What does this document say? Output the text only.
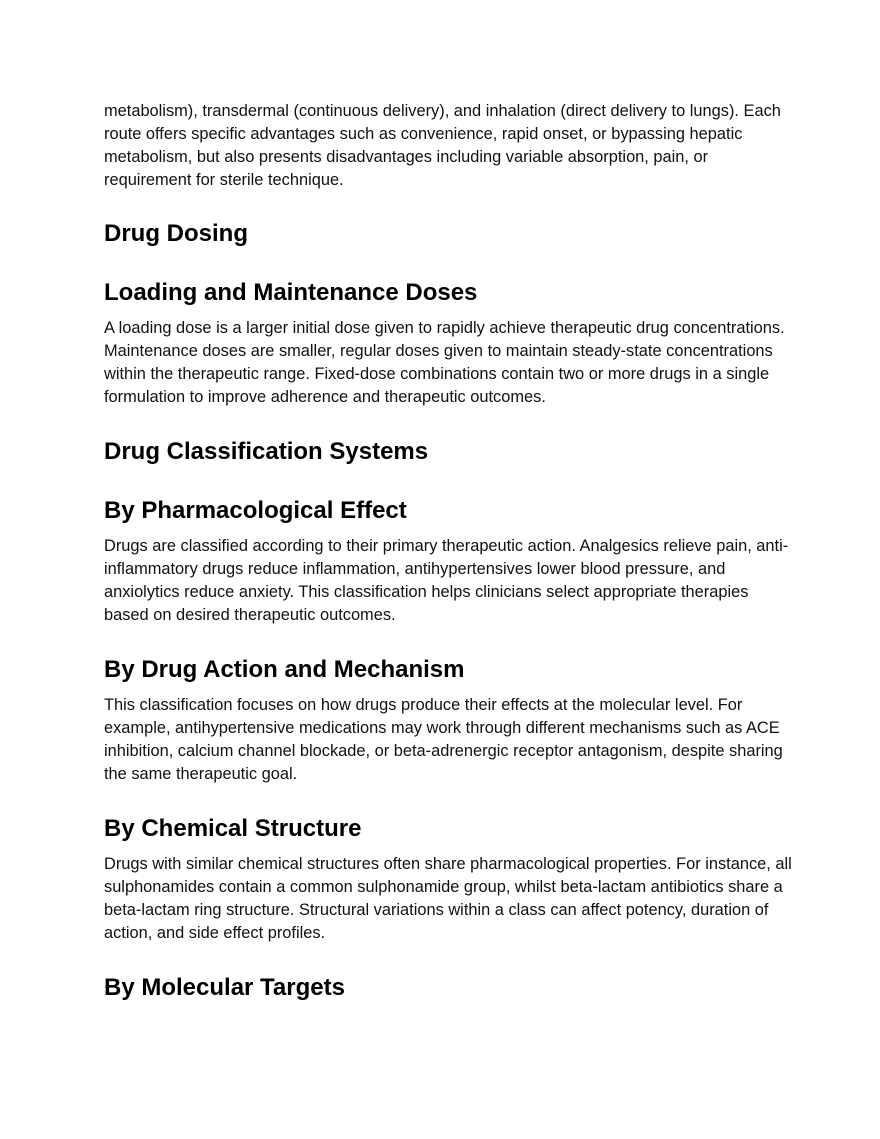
metabolism), transdermal (continuous delivery), and inhalation (direct delivery to lungs). Each route offers specific advantages such as convenience, rapid onset, or bypassing hepatic metabolism, but also presents disadvantages including variable absorption, pain, or requirement for sterile technique.

Drug Dosing
Loading and Maintenance Doses

A loading dose is a larger initial dose given to rapidly achieve therapeutic drug concentrations. Maintenance doses are smaller, regular doses given to maintain steady-state concentrations within the therapeutic range. Fixed-dose combinations contain two or more drugs in a single formulation to improve adherence and therapeutic outcomes.

Drug Classification Systems
By Pharmacological Effect

Drugs are classified according to their primary therapeutic action. Analgesics relieve pain, anti-inflammatory drugs reduce inflammation, antihypertensives lower blood pressure, and anxiolytics reduce anxiety. This classification helps clinicians select appropriate therapies based on desired therapeutic outcomes.

By Drug Action and Mechanism

This classification focuses on how drugs produce their effects at the molecular level. For example, antihypertensive medications may work through different mechanisms such as ACE inhibition, calcium channel blockade, or beta-adrenergic receptor antagonism, despite sharing the same therapeutic goal.

By Chemical Structure

Drugs with similar chemical structures often share pharmacological properties. For instance, all sulphonamides contain a common sulphonamide group, whilst beta-lactam antibiotics share a beta-lactam ring structure. Structural variations within a class can affect potency, duration of action, and side effect profiles.

By Molecular Targets
